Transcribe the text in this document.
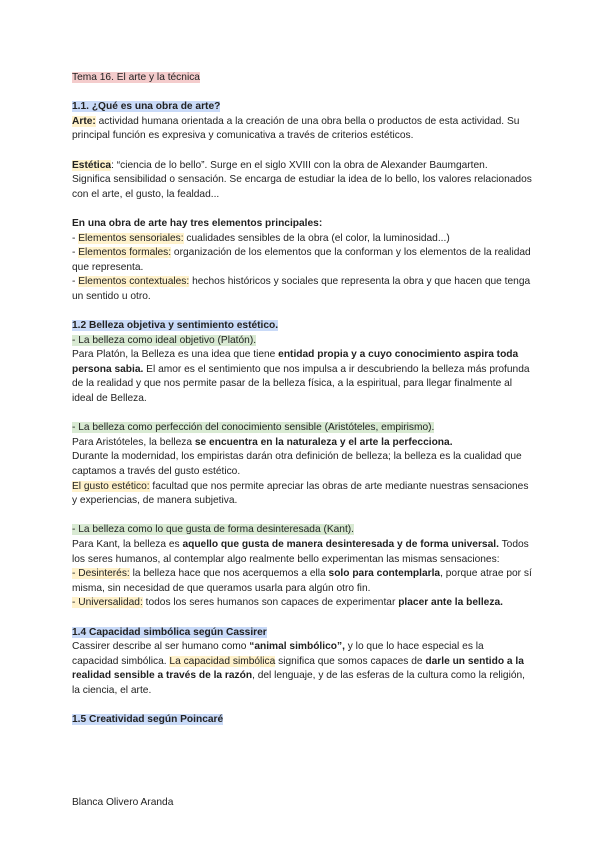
Tema 16. El arte y la técnica

1.1. ¿Qué es una obra de arte?

Arte: actividad humana orientada a la creación de una obra bella o productos de esta actividad. Su principal función es expresiva y comunicativa a través de criterios estéticos.

Estética: “ciencia de lo bello”. Surge en el siglo XVIII con la obra de Alexander Baumgarten.

Significa sensibilidad o sensación. Se encarga de estudiar la idea de lo bello, los valores relacionados con el arte, el gusto, la fealdad...

En una obra de arte hay tres elementos principales:

- Elementos sensoriales: cualidades sensibles de la obra (el color, la luminosidad...)

- Elementos formales: organización de los elementos que la conforman y los elementos de la realidad que representa.

- Elementos contextuales: hechos históricos y sociales que representa la obra y que hacen que tenga un sentido u otro.

1.2 Belleza objetiva y sentimiento estético.

- La belleza como ideal objetivo (Platón).

Para Platón, la Belleza es una idea que tiene entidad propia y a cuyo conocimiento aspira toda persona sabia. El amor es el sentimiento que nos impulsa a ir descubriendo la belleza más profunda de la realidad y que nos permite pasar de la belleza física, a la espiritual, para llegar finalmente al ideal de Belleza.

- La belleza como perfección del conocimiento sensible (Aristóteles, empirismo).

Para Aristóteles, la belleza se encuentra en la naturaleza y el arte la perfecciona.

Durante la modernidad, los empiristas darán otra definición de belleza; la belleza es la cualidad que captamos a través del gusto estético.

El gusto estético: facultad que nos permite apreciar las obras de arte mediante nuestras sensaciones y experiencias, de manera subjetiva.

- La belleza como lo que gusta de forma desinteresada (Kant).

Para Kant, la belleza es aquello que gusta de manera desinteresada y de forma universal. Todos los seres humanos, al contemplar algo realmente bello experimentan las mismas sensaciones:

- Desinterés: la belleza hace que nos acerquemos a ella solo para contemplarla, porque atrae por sí misma, sin necesidad de que queramos usarla para algún otro fin.

- Universalidad: todos los seres humanos son capaces de experimentar placer ante la belleza.

1.4 Capacidad simbólica según Cassirer

Cassirer describe al ser humano como “animal simbólico”, y lo que lo hace especial es la capacidad simbólica. La capacidad simbólica significa que somos capaces de darle un sentido a la realidad sensible a través de la razón, del lenguaje, y de las esferas de la cultura como la religión, la ciencia, el arte.

1.5 Creatividad según Poincaré

Blanca Olivero Aranda
